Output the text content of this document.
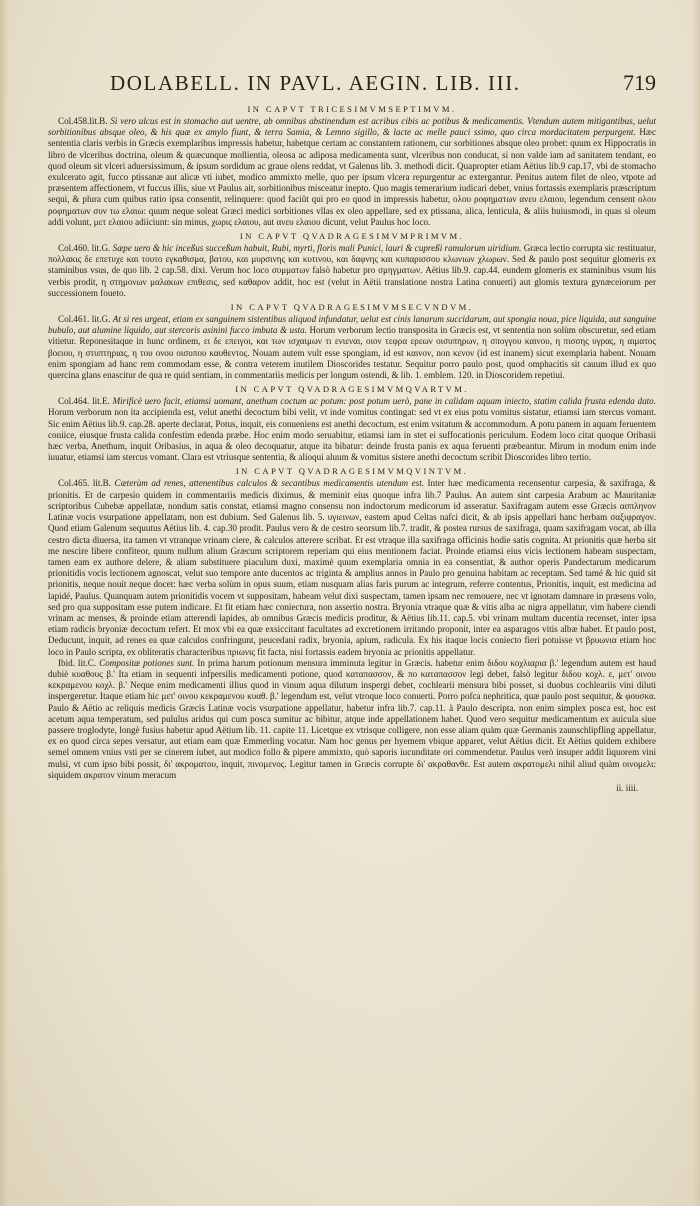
DOLABELL. IN PAVL. AEGIN. LIB. III.	719
IN CAPVT TRICESIMVMSEPTIMVM.

Col.458.lit.B. Si vero ulcus est in stomacho aut uentre, ab omnibus abstinendum est acribus cibis ac potibus & medicamentis. Vtendum autem mitigantibus, uelut sorbitionibus absque oleo, & his quæ ex amylo fiunt, & terra Samia, & Lemno sigillo, & lacte ac melle pauci ssimo, quo circa mordacitatem perpurgent. Hæc sententia claris verbis in Græcis exemplaribus impressis habetur, habetque certam ac constantem rationem, cur sorbitiones absque oleo probet: quum ex Hippocratis in libro de vlceribus doctrina, oleum & quæcunque mollientia, oleosa ac adiposa medicamenta sunt, vlceribus non conducat, si non valde iam ad sanitatem tendant, eo quod oleum sit vlceri aduersissimum, & ipsum sordidum ac graue olens reddat, vt Galenus lib. 3. methodi dicit. Quapropter etiam Aëtius lib.9 cap.17, vbi de stomacho exulcerato agit, fucco ptissanæ aut alicæ vti iubet, modico ammixto melle, quo per ipsum vlcera repurgentur ac extergantur. Penitus autem filet de oleo, vtpote ad præsentem affectionem, vt fuccus illis, siue vt Paulus ait, sorbitionibus misceatur inepto. Quo magis temerarium iudicari debet, vnius fortassis exemplaris præscriptum sequi, & plura cum quibus ratio ipsa consentit, relinquere: quod faciût qui pro eo quod in impressis habetur, ολου ροφηματων ανευ ελαιου, legendum censent ολου ροφηματων συν τω ελαιω: quum neque soleat Græci medici sorbitiones vllas ex oleo appellare, sed ex ptissana, alica, lenticula, & aliis huiusmodi, in quas si oleum addi volunt, μετ ελαιου adiiciunt: sin minus, χωρις ελαιου, aut ανευ ελαιου dicunt, velut Paulus hoc loco.

IN CAPVT QVADRAGESIMVMPRIMVM.

Col.460. lit.G. Sæpe uero & hic inceßus succeßum habuit, Rubi, myrti, floris mali Punici, lauri & cupreßi ramulorum uiridium. Græca lectio corrupta sic restituatur, πολλακις δε επετυχε και τουτο εγκαθισμα, βατου, και μυρσινης και κυτινου, και δαφνης και κυπαρισσου κλωνιων χλωρων. Sed & paulo post sequitur glomeris ex staminibus vsus, de quo lib. 2 cap.58. dixi. Verum hoc loco συμματων falsò habetur pro σμηγματων. Aëtius lib.9. cap.44. eundem glomeris ex staminibus vsum his verbis prodit, η στημονων μαλακων επιθεσις, sed καθαρον addit, hoc est (velut in Aëtii translatione nostra Latina conuerti) aut glomis textura gynæceiorum per successionem foueto.

IN CAPVT QVADRAGESIMVMSECVNDVM.

Col.461. lit.G. At si res urgeat, etiam ex sanguinem sistentibus aliquod infundatur, uelut est cinis lanarum succidarum, aut spongia noua, pice liquida, aut sanguine bubulo, aut alumine liquido, aut stercoris asinini fucco imbuta & usta. Horum verborum lectio transposita in Græcis est, vt sententia non solùm obscuretur, sed etiam vitietur. Reponesitaque in hunc ordinem, ει δε επειγοι, και των ισχαιμων τι ενιεναι, οιον τεφρα ερεων οισυπηρων, η σπογγου καινου, η πισσης υγρας, η αιματος βοειου, η στυπτηριας, η του ονου οισυπου καυθεντος. Nouam autem vult esse spongiam, id est καινον, non κενον (id est inanem) sicut exemplaria habent. Nouam enim spongiam ad hanc rem commodam esse, & contra veterem inutilem Dioscorides testatur. Sequitur porro paulo post, quod omphacitis sit cauum illud ex quo quercina glans enascitur de qua re quid sentiam, in commentariis medicis per longum ostendi, & lib. 1. emblem. 120. in Dioscoridem repetiui.

IN CAPVT QVADRAGESIMVMQVARTVM.

Col.464. lit.E. Mirificè uero facit, etiamsi uomant, anethum coctum ac potum: post potum uerò, pane in calidam aquam iniecto, statim calida frusta edenda dato. Horum verborum non ita accipienda est, velut anethi decoctum bibi velit, vt inde vomitus contingat: sed vt ex eius potu vomitus sistatur, etiamsi iam stercus vomant. Sic enim Aëtius lib.9. cap.28. aperte declarat, Potus, inquit, eis conueniens est anethi decoctum, est enim vsitatum & accommodum. A potu panem in aquam feruentem coniice, eiusque frusta calida confestim edenda præbe. Hoc enim modo seruabitur, etiamsi iam in stet ei suffocationis periculum. Eodem loco citat quoque Oribasii hæc verba, Anethum, inquit Oribasius, in aqua & oleo decoquatur, atque ita bibatur: deinde frusta panis ex aqua feruenti præbeantur. Mirum in modum enim inde iuuatur, etiamsi iam stercus vomant. Clara est vtriusque sententia, & alioqui aluum & vomitus sistere anethi decoctum scribit Dioscorides libro tertio.

IN CAPVT QVADRAGESIMVMQVINTVM.

Col.465. lit.B. Cæterùm ad renes, attenentibus calculos & secantibus medicamentis utendum est. Inter hæc medicamenta recensentur carpesia, & saxifraga, & prionitis. Et de carpesio quidem in commentariis medicis diximus, & meminit eius quoque infra lib.7 Paulus. An autem sint carpesia Arabum ac Mauritaniæ scriptoribus Cubebæ appellatæ, nondum satis constat, etiamsi magno consensu non indoctorum medicorum id asseratur. Saxifragam autem esse Græcis ασπληνον Latinæ vocis vsurpatione appellatam, non est dubium. Sed Galenus lib. 5. υγιεινων, eastem apud Celtas nafci dicit, & ab ipsis appellari hanc herbam σαξιφραγον. Quod etiam Galenum sequutus Aëtius lib. 4. cap.30 prodit. Paulus vero & de cestro seorsum lib.7. tradit, & postea rursus de saxifraga, quam saxifragam vocat, ab illa cestro dicta diuersa, ita tamen vt vtranque vrinam ciere, & calculos atterere scribat. Et est vtraque illa saxifraga officinis hodie satis cognita. At prionitis quæ herba sit me nescire libere confiteor, quum nullum alium Græcum scriptorem reperiam qui eius mentionem faciat. Proinde etiamsi eius vicis lectionem habeam suspectam, tamen eam ex authore delere, & aliam substituere piaculum duxi, maximè quum exemplaria omnia in ea consentiat, & author operis Pandectarum medicarum prionitidis vocis lectionem agnoscat, velut suo tempore ante ducentos ac triginta & amplius annos in Paulo pro genuina habitam ac receptam. Sed tamé & hic quid sit prionitis, neque nouit neque docet: hæc verba solùm in opus suum, etiam nusquam alias faris purum ac integrum, referre contentus, Prionitis, inquit, est medicina ad lapidé, Paulus. Quanquam autem prionitidis vocem vt suppositam, habeam velut dixi suspectam, tamen ipsam nec remouere, nec vt ignotam damnare in præsens volo, sed pro qua suppositam esse putem indicare. Et fit etiam hæc coniectura, non assertio nostra. Bryonia vtraque quæ & vitis alba ac nigra appellatur, vim habere ciendi vrinam ac menses, & proinde etiam atterendi lapides, ab omnibus Græcis medicis proditur, & Aëtius lib.11. cap.5. vbi vrinam multam ducentia recenset, inter ipsa etiam radicis bryoniæ decoctum refert. Et mox vbi ea quæ exsiccitant facultates ad excretionem irritando proponit, inter ea asparagos vitis albæ habet. Et paulo post, Deducunt, inquit, ad renes ea quæ calculos confringunt, peucedani radix, bryonia, apium, radicula. Ex his itaque locis coniecto fieri potuisse vt βρυωνια etiam hoc loco in Paulo scripta, ex obliteratis characteribus πριωνις fit facta, nisi fortassis eadem bryonia ac prionitis appellatur.

Ibid. lit.C. Compositæ potiones sunt. In prima harum potionum mensura imminuta legitur in Græcis. habetur enim διδου κοχλιαρια β.' legendum autem est haud dubiè κυαθους β.' Ita etiam in sequenti infpersilis medicamenti potione, quod καταπασσον, & πο καταπασσον legi debet, falsò legitur διδου κοχλ. ε, μετ' οινου κεκραμενου κοχλ. β.' Neque enim medicamenti illius quod in vinum aqua dilutum inspergi debet, cochlearii mensura bibi posset, si duobus cochleariis vini diluti inspergeretur. Itaque etiam hic μετ' οινου κεκραμενου κυαθ. β.' legendum est, velut vtroque loco conuerti. Porro pofca nephritica, quæ paulo post sequitur, & φουσκα. Paulo & Aëtio ac reliquis medicis Græcis Latinæ vocis vsurpatione appellatur, habetur infra lib.7. cap.11. à Paulo descripta. non enim simplex posca est, hoc est acetum aqua temperatum, sed pululus aridus qui cum posca sumitur ac bibitur, atque inde appellationem habet. Quod vero sequitur medicamentum ex auicula siue passere troglodyte, longè fusius habetur apud Aëtium lib. 11. capite 11. Licetque ex vtrisque colligere, non esse aliam quàm quæ Germanis zaunschlipfling appellatur, ex eo quod circa sepes versatur, aut etiam eam quæ Emmerling vocatur. Nam hoc genus per hyemem vbique apparet, velut Aëtius dicit. Et Aëtius quidem exhibere semel omnem vnius vsti per se cinerem iubet, aut modico follo & pipere ammixto, quò saporis iucunditate ori commendetur. Paulus verò insuper addit liquorem vini mulsi, vt cum ipso bibi possit, δι' ακροματου, inquit, πινομενος. Legitur tamen in Græcis corrupte δι' ακραθανθε. Est autem ακρατομελι nihil aliud quàm οινομελι: siquidem ακρατον vinum meracum

ii. iiii.
